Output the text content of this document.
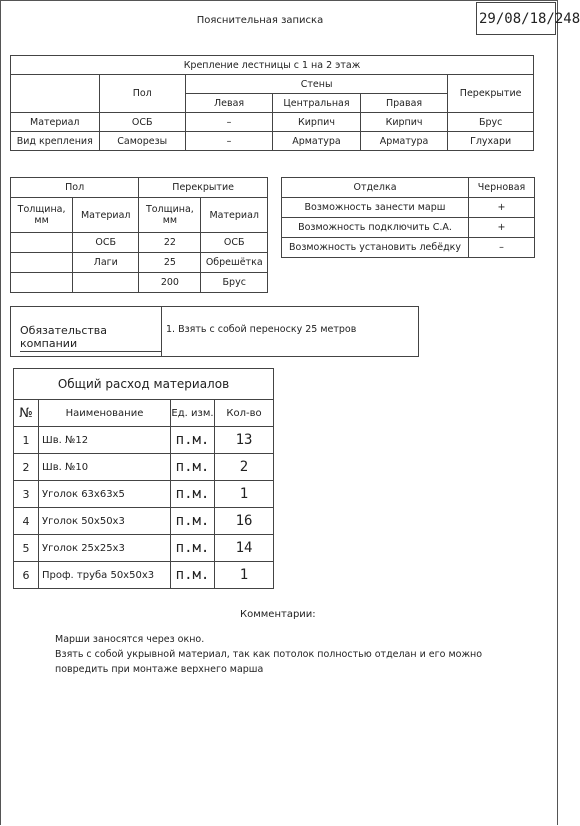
Пояснительная записка	29/08/18/248
Крепление лестницы с 1 на 2 этаж					
	Пол	Стены			Перекрытие
		Левая	Центральная	Правая	
Материал	ОСБ	–	Кирпич	Кирпич	Брус
Вид крепления	Саморезы	–	Арматура	Арматура	Глухари
Пол		Перекрытие	
Толщина, мм	Материал	Толщина, мм	Материал
	ОСБ	22	ОСБ
	Лаги	25	Обрешётка
		200	Брус
Отделка	Черновая
Возможность занести марш	+
Возможность подключить С.А.	+
Возможность установить лебёдку	–
Обязательства компании
1. Взять с собой переноску 25 метров
Общий расход материалов			
№	Наименование	Ед. изм.	Кол-во
1	Шв. №12	п.м.	13
2	Шв. №10	п.м.	2
3	Уголок 63х63х5	п.м.	1
4	Уголок 50х50х3	п.м.	16
5	Уголок 25х25х3	п.м.	14
6	Проф. труба 50х50х3	п.м.	1
Комментарии:
Марши заносятся через окно.
Взять с собой укрывной материал, так как потолок полностью отделан и его можно
повредить при монтаже верхнего марша
